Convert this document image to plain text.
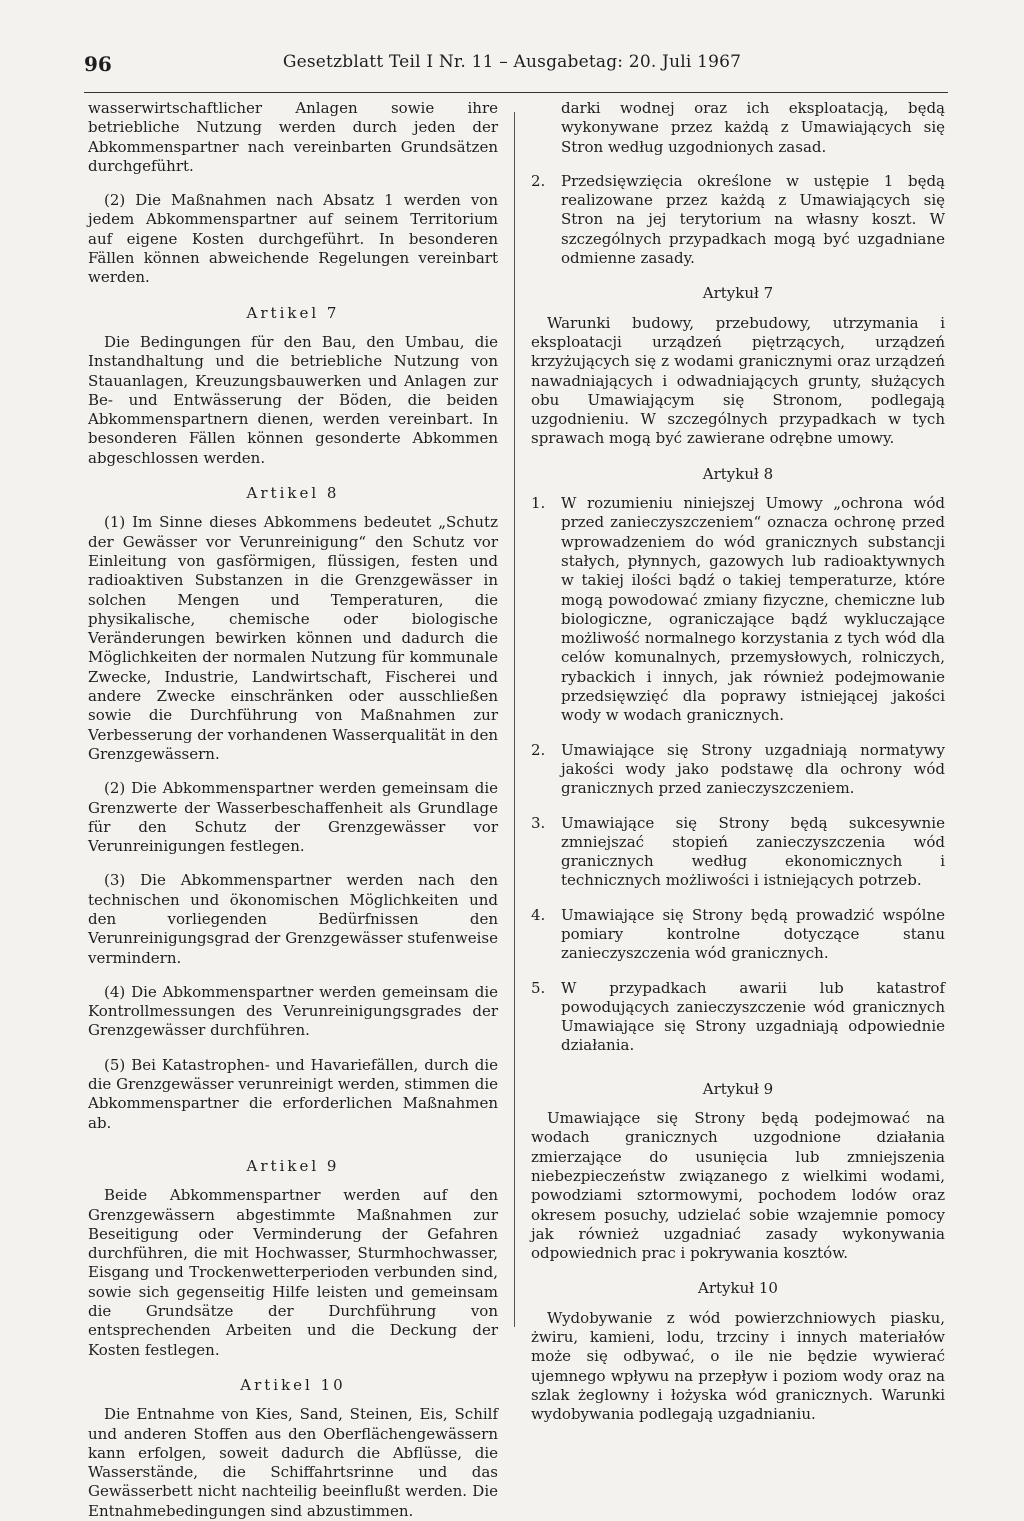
96	Gesetzblatt Teil I Nr. 11 – Ausgabetag: 20. Juli 1967

wasserwirtschaftlicher Anlagen sowie ihre betriebliche Nutzung werden durch jeden der Abkommenspartner nach vereinbarten Grundsätzen durchgeführt.

(2) Die Maßnahmen nach Absatz 1 werden von jedem Abkommenspartner auf seinem Territorium auf eigene Kosten durchgeführt. In besonderen Fällen können abweichende Regelungen vereinbart werden.

Artikel 7

Die Bedingungen für den Bau, den Umbau, die Instandhaltung und die betriebliche Nutzung von Stauanlagen, Kreuzungsbauwerken und Anlagen zur Be- und Entwässerung der Böden, die beiden Abkommenspartnern dienen, werden vereinbart. In besonderen Fällen können gesonderte Abkommen abgeschlossen werden.

Artikel 8

(1) Im Sinne dieses Abkommens bedeutet „Schutz der Gewässer vor Verunreinigung“ den Schutz vor Einleitung von gasförmigen, flüssigen, festen und radioaktiven Substanzen in die Grenzgewässer in solchen Mengen und Temperaturen, die physikalische, chemische oder biologische Veränderungen bewirken können und dadurch die Möglichkeiten der normalen Nutzung für kommunale Zwecke, Industrie, Landwirtschaft, Fischerei und andere Zwecke einschränken oder ausschließen sowie die Durchführung von Maßnahmen zur Verbesserung der vorhandenen Wasserqualität in den Grenzgewässern.

(2) Die Abkommenspartner werden gemeinsam die Grenzwerte der Wasserbeschaffenheit als Grundlage für den Schutz der Grenzgewässer vor Verunreinigungen festlegen.

(3) Die Abkommenspartner werden nach den technischen und ökonomischen Möglichkeiten und den vorliegenden Bedürfnissen den Verunreinigungsgrad der Grenzgewässer stufenweise vermindern.

(4) Die Abkommenspartner werden gemeinsam die Kontrollmessungen des Verunreinigungsgrades der Grenzgewässer durchführen.

(5) Bei Katastrophen- und Havariefällen, durch die die Grenzgewässer verunreinigt werden, stimmen die Abkommenspartner die erforderlichen Maßnahmen ab.

Artikel 9

Beide Abkommenspartner werden auf den Grenzgewässern abgestimmte Maßnahmen zur Beseitigung oder Verminderung der Gefahren durchführen, die mit Hochwasser, Sturmhochwasser, Eisgang und Trockenwetterperioden verbunden sind, sowie sich gegenseitig Hilfe leisten und gemeinsam die Grundsätze der Durchführung von entsprechenden Arbeiten und die Deckung der Kosten festlegen.

Artikel 10

Die Entnahme von Kies, Sand, Steinen, Eis, Schilf und anderen Stoffen aus den Oberflächengewässern kann erfolgen, soweit dadurch die Abflüsse, die Wasserstände, die Schiffahrtsrinne und das Gewässerbett nicht nachteilig beeinflußt werden. Die Entnahmebedingungen sind abzustimmen.

darki wodnej oraz ich eksploatacją, będą wykonywane przez każdą z Umawiających się Stron według uzgodnionych zasad.

2.	Przedsięwzięcia określone w ustępie 1 będą realizowane przez każdą z Umawiających się Stron na jej terytorium na własny koszt. W szczególnych przypadkach mogą być uzgadniane odmienne zasady.

Artykuł 7

Warunki budowy, przebudowy, utrzymania i eksploatacji urządzeń piętrzących, urządzeń krzyżujących się z wodami granicznymi oraz urządzeń nawadniających i odwadniających grunty, służących obu Umawiającym się Stronom, podlegają uzgodnieniu. W szczególnych przypadkach w tych sprawach mogą być zawierane odrębne umowy.

Artykuł 8

1.	W rozumieniu niniejszej Umowy „ochrona wód przed zanieczyszczeniem“ oznacza ochronę przed wprowadzeniem do wód granicznych substancji stałych, płynnych, gazowych lub radioaktywnych w takiej ilości bądź o takiej temperaturze, które mogą powodować zmiany fizyczne, chemiczne lub biologiczne, ograniczające bądź wykluczające możliwość normalnego korzystania z tych wód dla celów komunalnych, przemysłowych, rolniczych, rybackich i innych, jak również podejmowanie przedsięwzięć dla poprawy istniejącej jakości wody w wodach granicznych.
2.	Umawiające się Strony uzgadniają normatywy jakości wody jako podstawę dla ochrony wód granicznych przed zanieczyszczeniem.
3.	Umawiające się Strony będą sukcesywnie zmniejszać stopień zanieczyszczenia wód granicznych według ekonomicznych i technicznych możliwości i istniejących potrzeb.
4.	Umawiające się Strony będą prowadzić wspólne pomiary kontrolne dotyczące stanu zanieczyszczenia wód granicznych.
5.	W przypadkach awarii lub katastrof powodujących zanieczyszczenie wód granicznych Umawiające się Strony uzgadniają odpowiednie działania.

Artykuł 9

Umawiające się Strony będą podejmować na wodach granicznych uzgodnione działania zmierzające do usunięcia lub zmniejszenia niebezpieczeństw związanego z wielkimi wodami, powodziami sztormowymi, pochodem lodów oraz okresem posuchy, udzielać sobie wzajemnie pomocy jak również uzgadniać zasady wykonywania odpowiednich prac i pokrywania kosztów.

Artykuł 10

Wydobywanie z wód powierzchniowych piasku, żwiru, kamieni, lodu, trzciny i innych materiałów może się odbywać, o ile nie będzie wywierać ujemnego wpływu na przepływ i poziom wody oraz na szlak żeglowny i łożyska wód granicznych. Warunki wydobywania podlegają uzgadnianiu.
